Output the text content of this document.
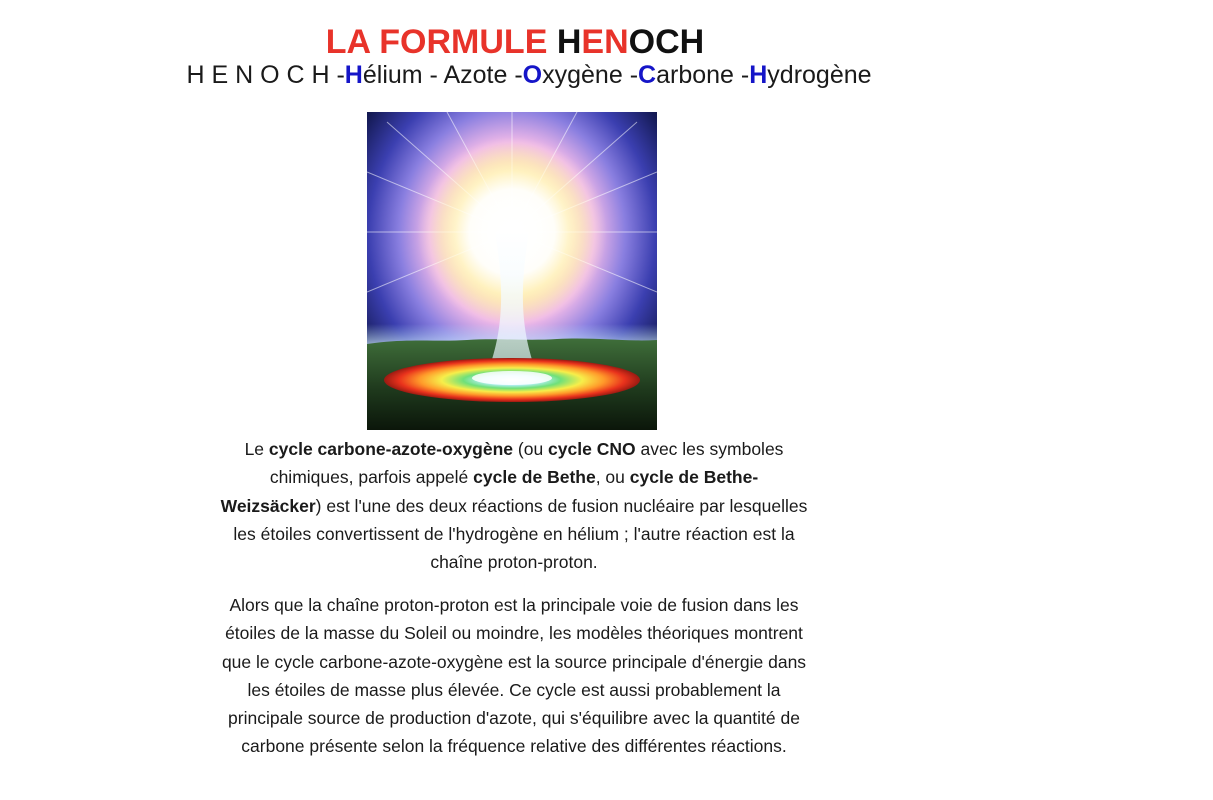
LA FORMULE HENOCH
H E N O C H -Hélium - Azote -Oxygène -Carbone -Hydrogène

Le cycle carbone-azote-oxygène (ou cycle CNO avec les symboles chimiques, parfois appelé cycle de Bethe, ou cycle de Bethe- Weizsäcker) est l'une des deux réactions de fusion nucléaire par lesquelles les étoiles convertissent de l'hydrogène en hélium ; l'autre réaction est la chaîne proton-proton.

Alors que la chaîne proton-proton est la principale voie de fusion dans les étoiles de la masse du Soleil ou moindre, les modèles théoriques montrent que le cycle carbone-azote-oxygène est la source principale d'énergie dans les étoiles de masse plus élevée. Ce cycle est aussi probablement la principale source de production d'azote, qui s'équilibre avec la quantité de carbone présente selon la fréquence relative des différentes réactions.
